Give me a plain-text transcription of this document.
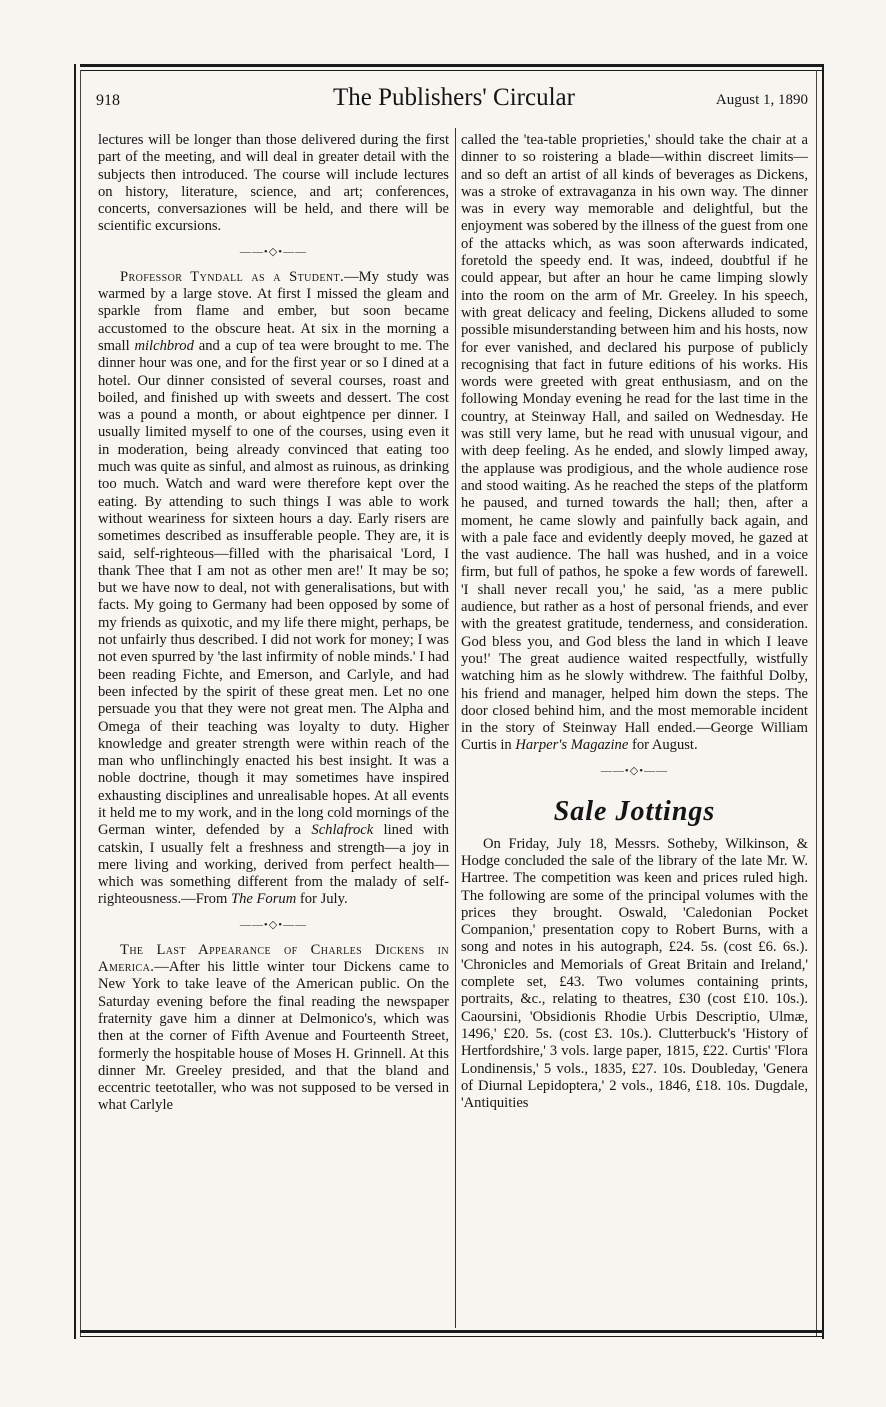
918	The Publishers' Circular	August 1, 1890

lectures will be longer than those delivered during the first part of the meeting, and will deal in greater detail with the subjects then introduced. The course will include lectures on history, literature, science, and art; conferences, concerts, conversaziones will be held, and there will be scientific excursions.

——•◇•——

Professor Tyndall as a Student.—My study was warmed by a large stove. At first I missed the gleam and sparkle from flame and ember, but soon became accustomed to the obscure heat. At six in the morning a small milchbrod and a cup of tea were brought to me. The dinner hour was one, and for the first year or so I dined at a hotel. Our dinner consisted of several courses, roast and boiled, and finished up with sweets and dessert. The cost was a pound a month, or about eightpence per dinner. I usually limited myself to one of the courses, using even it in moderation, being already convinced that eating too much was quite as sinful, and almost as ruinous, as drinking too much. Watch and ward were therefore kept over the eating. By attending to such things I was able to work without weariness for sixteen hours a day. Early risers are sometimes described as insufferable people. They are, it is said, self-righteous—filled with the pharisaical 'Lord, I thank Thee that I am not as other men are!' It may be so; but we have now to deal, not with generalisations, but with facts. My going to Germany had been opposed by some of my friends as quixotic, and my life there might, perhaps, be not unfairly thus described. I did not work for money; I was not even spurred by 'the last infirmity of noble minds.' I had been reading Fichte, and Emerson, and Carlyle, and had been infected by the spirit of these great men. Let no one persuade you that they were not great men. The Alpha and Omega of their teaching was loyalty to duty. Higher knowledge and greater strength were within reach of the man who unflinchingly enacted his best insight. It was a noble doctrine, though it may sometimes have inspired exhausting disciplines and unrealisable hopes. At all events it held me to my work, and in the long cold mornings of the German winter, defended by a Schlafrock lined with catskin, I usually felt a freshness and strength—a joy in mere living and working, derived from perfect health—which was something different from the malady of self-righteousness.—From The Forum for July.

——•◇•——

The Last Appearance of Charles Dickens in America.—After his little winter tour Dickens came to New York to take leave of the American public. On the Saturday evening before the final reading the newspaper fraternity gave him a dinner at Delmonico's, which was then at the corner of Fifth Avenue and Fourteenth Street, formerly the hospitable house of Moses H. Grinnell. At this dinner Mr. Greeley presided, and that the bland and eccentric teetotaller, who was not supposed to be versed in what Carlyle

called the 'tea-table proprieties,' should take the chair at a dinner to so roistering a blade—within discreet limits—and so deft an artist of all kinds of beverages as Dickens, was a stroke of extravaganza in his own way. The dinner was in every way memorable and delightful, but the enjoyment was sobered by the illness of the guest from one of the attacks which, as was soon afterwards indicated, foretold the speedy end. It was, indeed, doubtful if he could appear, but after an hour he came limping slowly into the room on the arm of Mr. Greeley. In his speech, with great delicacy and feeling, Dickens alluded to some possible misunderstanding between him and his hosts, now for ever vanished, and declared his purpose of publicly recognising that fact in future editions of his works. His words were greeted with great enthusiasm, and on the following Monday evening he read for the last time in the country, at Steinway Hall, and sailed on Wednesday. He was still very lame, but he read with unusual vigour, and with deep feeling. As he ended, and slowly limped away, the applause was prodigious, and the whole audience rose and stood waiting. As he reached the steps of the platform he paused, and turned towards the hall; then, after a moment, he came slowly and painfully back again, and with a pale face and evidently deeply moved, he gazed at the vast audience. The hall was hushed, and in a voice firm, but full of pathos, he spoke a few words of farewell. 'I shall never recall you,' he said, 'as a mere public audience, but rather as a host of personal friends, and ever with the greatest gratitude, tenderness, and consideration. God bless you, and God bless the land in which I leave you!' The great audience waited respectfully, wistfully watching him as he slowly withdrew. The faithful Dolby, his friend and manager, helped him down the steps. The door closed behind him, and the most memorable incident in the story of Steinway Hall ended.—George William Curtis in Harper's Magazine for August.

——•◇•——
Sale Jottings

On Friday, July 18, Messrs. Sotheby, Wilkinson, & Hodge concluded the sale of the library of the late Mr. W. Hartree. The competition was keen and prices ruled high. The following are some of the principal volumes with the prices they brought. Oswald, 'Caledonian Pocket Companion,' presentation copy to Robert Burns, with a song and notes in his autograph, £24. 5s. (cost £6. 6s.). 'Chronicles and Memorials of Great Britain and Ireland,' complete set, £43. Two volumes containing prints, portraits, &c., relating to theatres, £30 (cost £10. 10s.). Caoursini, 'Obsidionis Rhodie Urbis Descriptio, Ulmæ, 1496,' £20. 5s. (cost £3. 10s.). Clutterbuck's 'History of Hertfordshire,' 3 vols. large paper, 1815, £22. Curtis' 'Flora Londinensis,' 5 vols., 1835, £27. 10s. Doubleday, 'Genera of Diurnal Lepidoptera,' 2 vols., 1846, £18. 10s. Dugdale, 'Antiquities
